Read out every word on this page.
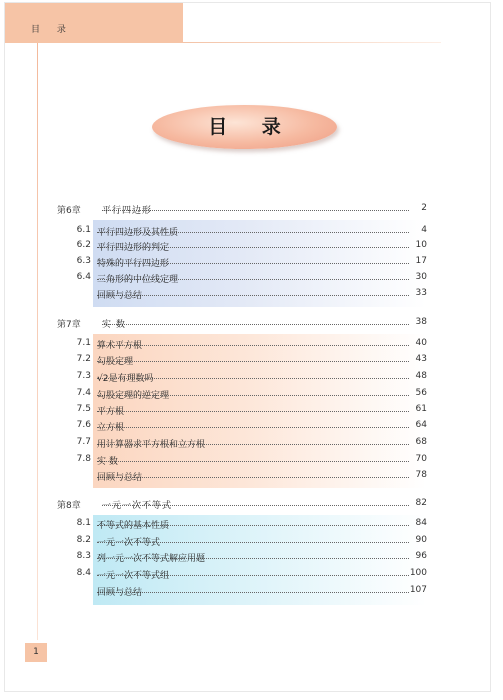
目 录
目 录
第6章 平行四边形	2
6.1 平行四边形及其性质	4
6.2 平行四边形的判定	10
6.3 特殊的平行四边形	17
6.4 三角形的中位线定理	30
回顾与总结	33
第7章 实 数	38
7.1 算术平方根	40
7.2 勾股定理	43
7.3 √2是有理数吗	48
7.4 勾股定理的逆定理	56
7.5 平方根	61
7.6 立方根	64
7.7 用计算器求平方根和立方根	68
7.8 实 数	70
回顾与总结	78
第8章 一元一次不等式	82
8.1 不等式的基本性质	84
8.2 一元一次不等式	90
8.3 列一元一次不等式解应用题	96
8.4 一元一次不等式组	100
回顾与总结	107
1
